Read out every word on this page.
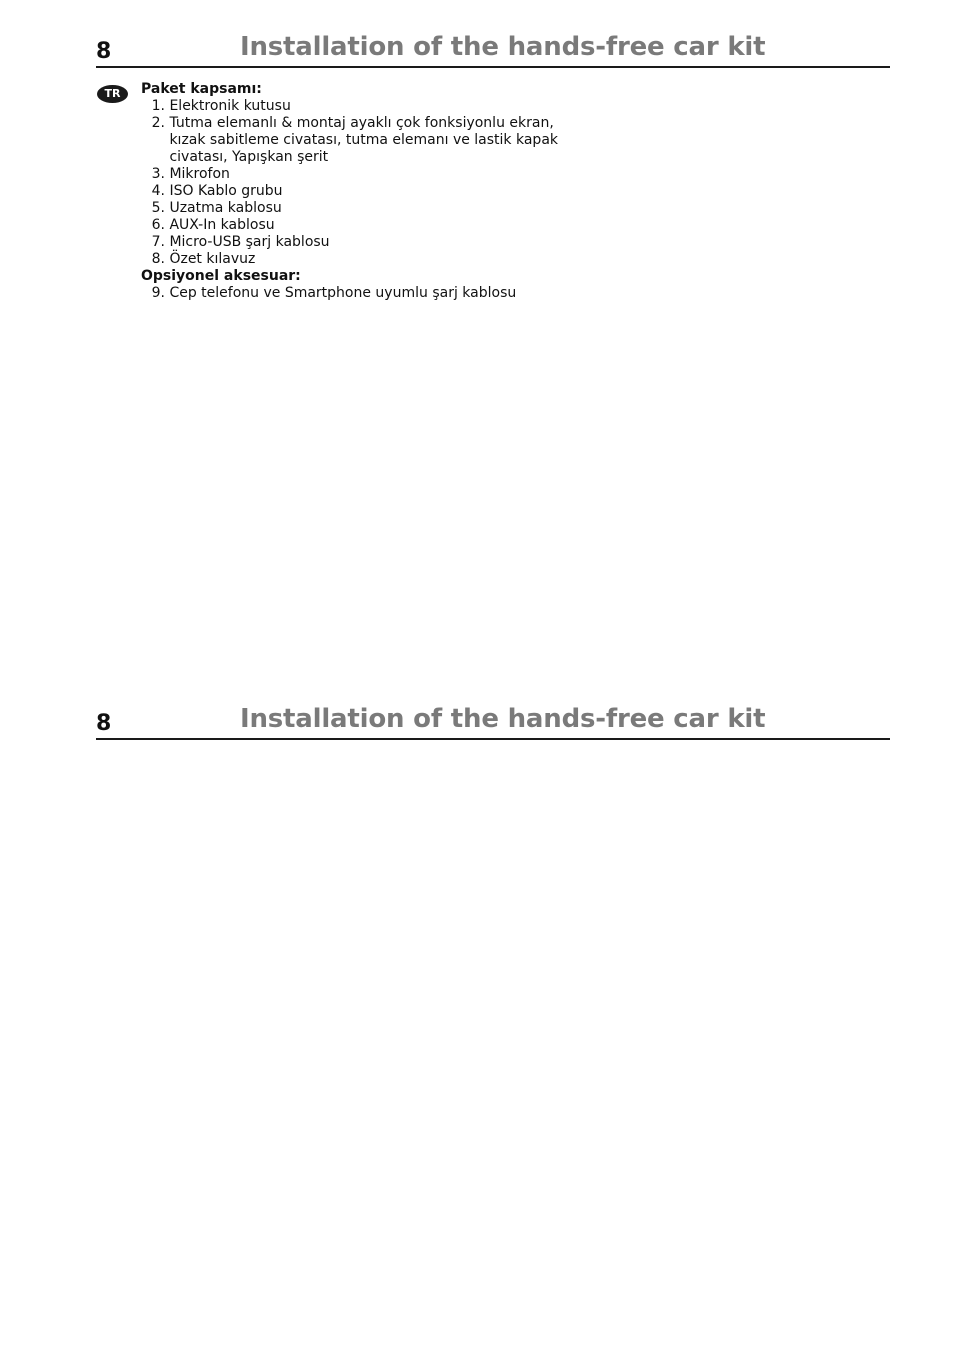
8	Installation of the hands-free car kit
TR	Paket kapsamı:

1. Elektronik kutusu
2. Tutma elemanlı & montaj ayaklı çok fonksiyonlu ekran,
kızak sabitleme civatası, tutma elemanı ve lastik kapak
civatası, Yapışkan şerit
3. Mikrofon
4. ISO Kablo grubu
5. Uzatma kablosu
6. AUX-In kablosu
7. Micro-USB şarj kablosu
8. Özet kılavuz

Opsiyonel aksesuar:

9. Cep telefonu ve Smartphone uyumlu şarj kablosu
8	Installation of the hands-free car kit
